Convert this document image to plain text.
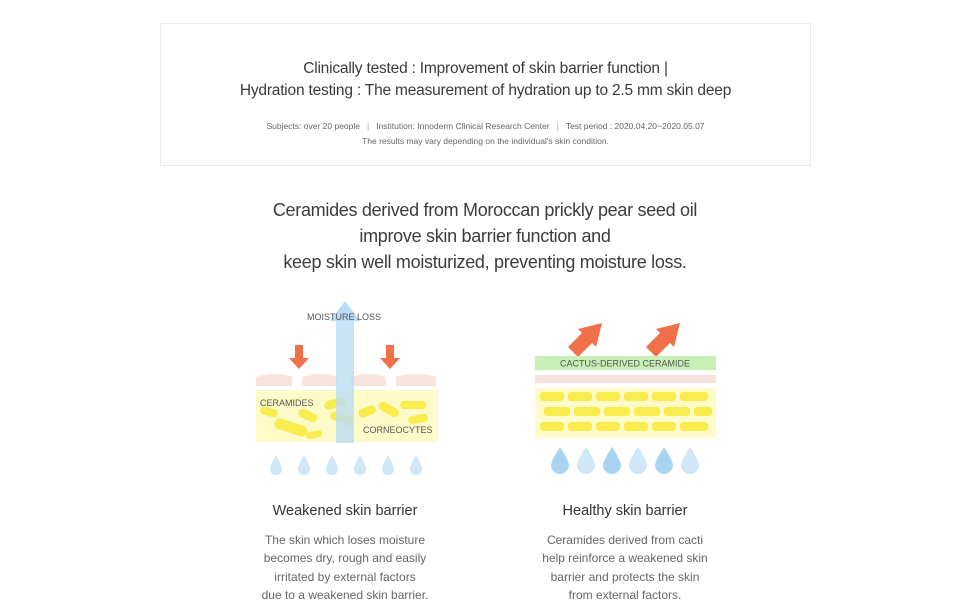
Clinically tested : Improvement of skin barrier function |
Hydration testing : The measurement of hydration up to 2.5 mm skin deep
Subjects: over 20 people | Institution: Innoderm Clinical Research Center | Test period : 2020.04.20~2020.05.07
The results may vary depending on the individual's skin condition.
Ceramides derived from Moroccan prickly pear seed oil
improve skin barrier function and
keep skin well moisturized, preventing moisture loss.
MOISTURE LOSS
CERAMIDES
CORNEOCYTES
CACTUS-DERIVED CERAMIDE
Weakened skin barrier
The skin which loses moisture
becomes dry, rough and easily
irritated by external factors
due to a weakened skin barrier.
Healthy skin barrier
Ceramides derived from cacti
help reinforce a weakened skin
barrier and protects the skin
from external factors.
